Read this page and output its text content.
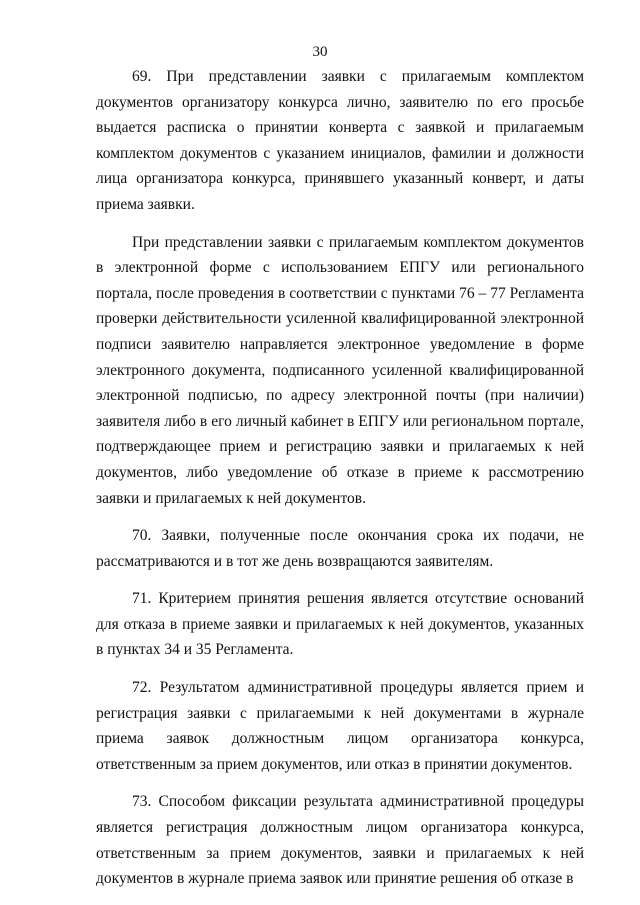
30

69. При представлении заявки с прилагаемым комплектом документов организатору конкурса лично, заявителю по его просьбе выдается расписка о принятии конверта с заявкой и прилагаемым комплектом документов с указанием инициалов, фамилии и должности лица организатора конкурса, принявшего указанный конверт, и даты приема заявки.

При представлении заявки с прилагаемым комплектом документов в электронной форме с использованием ЕПГУ или регионального портала, после проведения в соответствии с пунктами 76 – 77 Регламента проверки действительности усиленной квалифицированной электронной подписи заявителю направляется электронное уведомление в форме электронного документа, подписанного усиленной квалифицированной электронной подписью, по адресу электронной почты (при наличии) заявителя либо в его личный кабинет в ЕПГУ или региональном портале, подтверждающее прием и регистрацию заявки и прилагаемых к ней документов, либо уведомление об отказе в приеме к рассмотрению заявки и прилагаемых к ней документов.

70. Заявки, полученные после окончания срока их подачи, не рассматриваются и в тот же день возвращаются заявителям.

71. Критерием принятия решения является отсутствие оснований для отказа в приеме заявки и прилагаемых к ней документов, указанных в пунктах 34 и 35 Регламента.

72. Результатом административной процедуры является прием и регистрация заявки с прилагаемыми к ней документами в журнале приема заявок должностным лицом организатора конкурса, ответственным за прием документов, или отказ в принятии документов.

73. Способом фиксации результата административной процедуры является регистрация должностным лицом организатора конкурса, ответственным за прием документов, заявки и прилагаемых к ней документов в журнале приема заявок или принятие решения об отказе в
